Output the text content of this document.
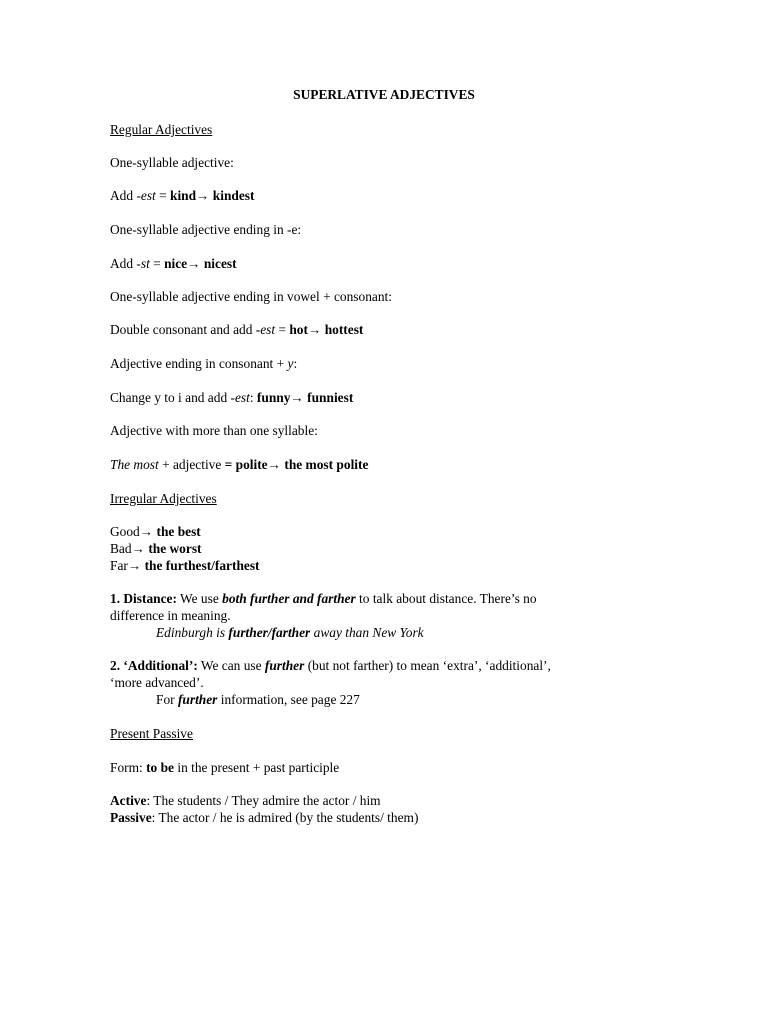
SUPERLATIVE ADJECTIVES
Regular Adjectives
One-syllable adjective:
Add -est = kind→ kindest
One-syllable adjective ending in -e:
Add -st = nice→ nicest
One-syllable adjective ending in vowel + consonant:
Double consonant and add -est = hot→ hottest
Adjective ending in consonant + y:
Change y to i and add -est: funny→ funniest
Adjective with more than one syllable:
The most + adjective = polite→ the most polite
Irregular Adjectives
Good→ the best
Bad→ the worst
Far→ the furthest/farthest
1. Distance: We use both further and farther to talk about distance. There’s no
difference in meaning.
Edinburgh is further/farther away than New York
2. ‘Additional’: We can use further (but not farther) to mean ‘extra’, ‘additional’,
‘more advanced’.
For further information, see page 227
Present Passive
Form: to be in the present + past participle
Active: The students / They admire the actor / him
Passive: The actor / he is admired (by the students/ them)
